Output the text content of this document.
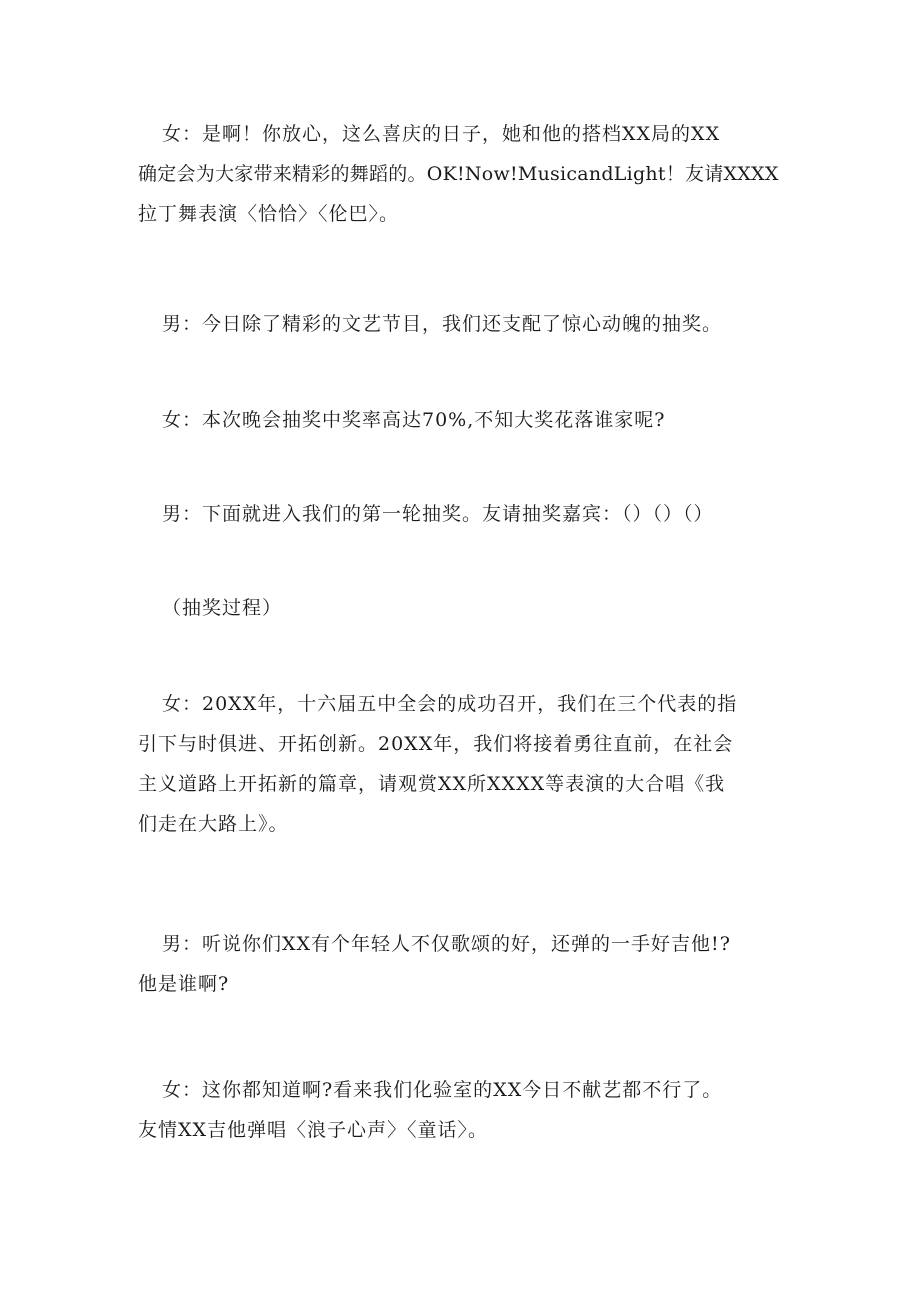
女：是啊！你放心，这么喜庆的日子，她和他的搭档XX局的XX
确定会为大家带来精彩的舞蹈的。OK!Now!MusicandLight！友请XXXX
拉丁舞表演〈恰恰〉〈伦巴〉。

男：今日除了精彩的文艺节目，我们还支配了惊心动魄的抽奖。

女：本次晚会抽奖中奖率高达70%,不知大奖花落谁家呢?

男：下面就进入我们的第一轮抽奖。友请抽奖嘉宾：（）（）（）

（抽奖过程）

女：20XX年，十六届五中全会的成功召开，我们在三个代表的指
引下与时俱进、开拓创新。20XX年，我们将接着勇往直前，在社会
主义道路上开拓新的篇章，请观赏XX所XXXX等表演的大合唱《我
们走在大路上》。

男：听说你们XX有个年轻人不仅歌颂的好，还弹的一手好吉他!?
他是谁啊?

女：这你都知道啊?看来我们化验室的XX今日不献艺都不行了。
友情XX吉他弹唱〈浪子心声〉〈童话〉。
